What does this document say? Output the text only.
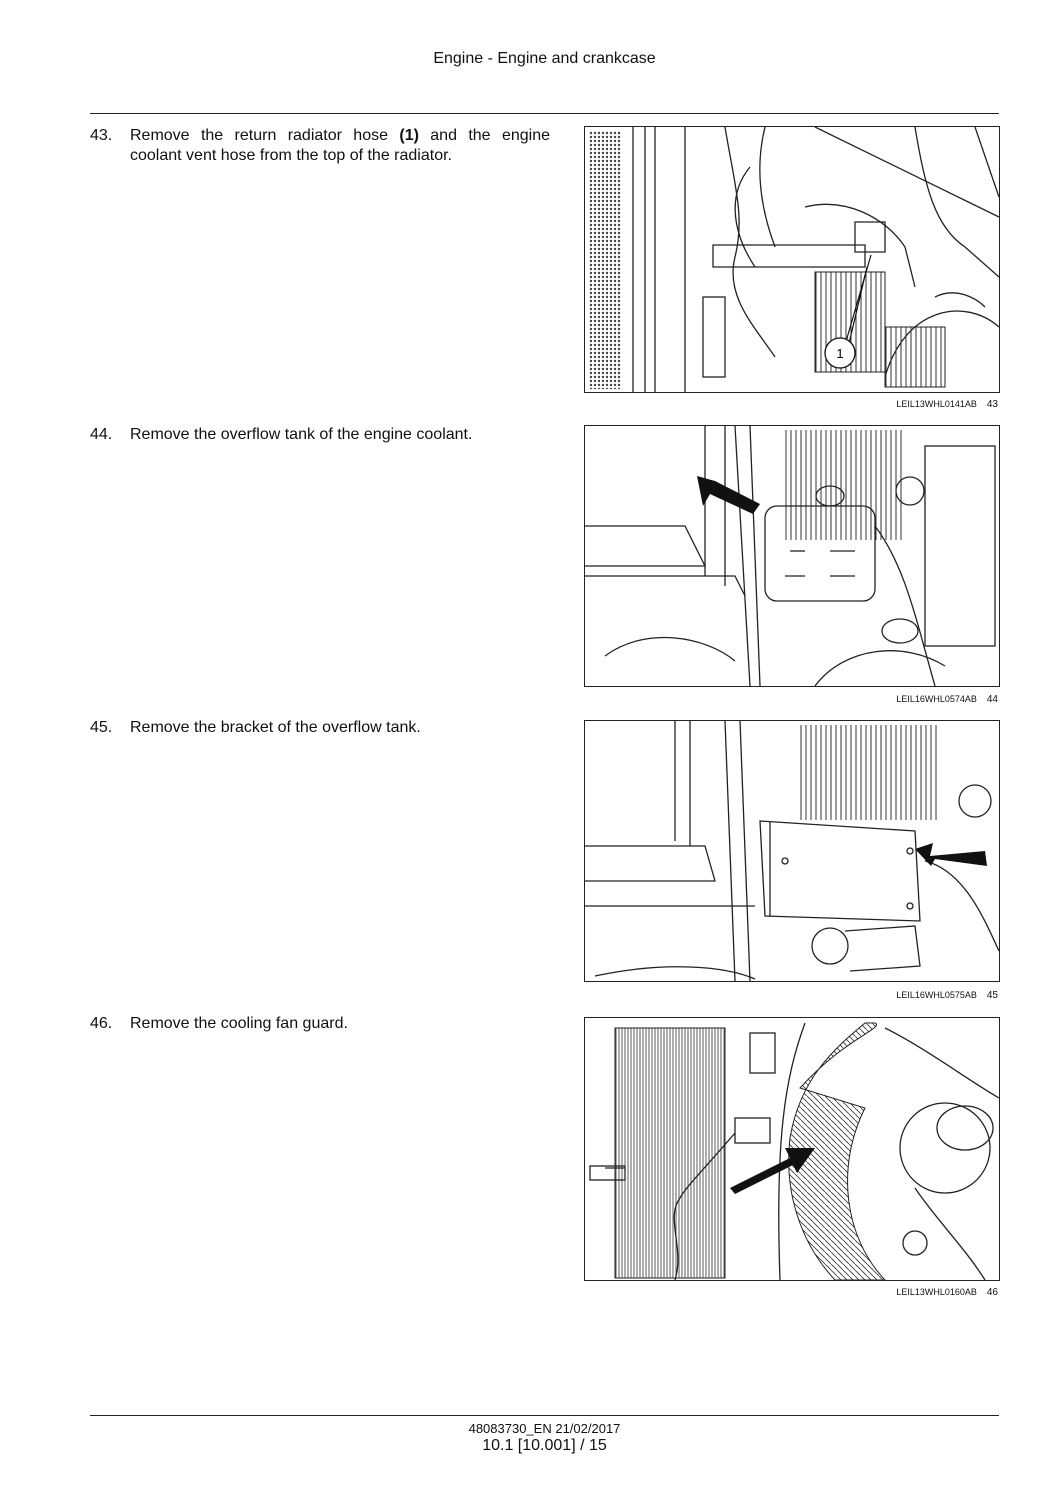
Engine - Engine and crankcase
43. Remove the return radiator hose (1) and the engine coolant vent hose from the top of the radiator.
1
LEIL13WHL0141AB 43
44. Remove the overflow tank of the engine coolant.
LEIL16WHL0574AB 44
45. Remove the bracket of the overflow tank.
LEIL16WHL0575AB 45
46. Remove the cooling fan guard.
LEIL13WHL0160AB 46
48083730_EN 21/02/2017
10.1 [10.001] / 15
